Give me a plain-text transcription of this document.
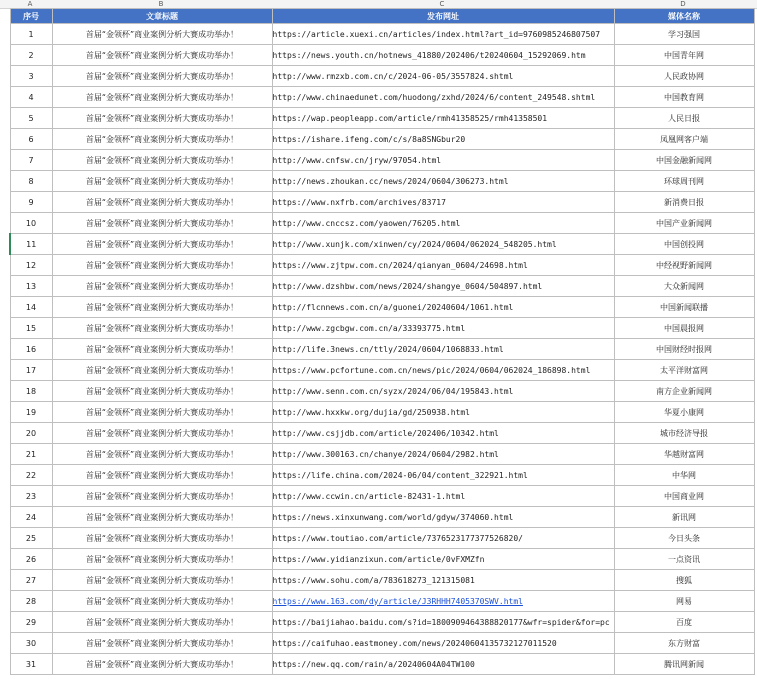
A	B	C	D
序号	文章标题	发布网址	媒体名称
1	首届“金领杯”商业案例分析大赛成功举办！	https://article.xuexi.cn/articles/index.html?art_id=9760985246807507	学习强国
2	首届“金领杯”商业案例分析大赛成功举办！	https://news.youth.cn/hotnews_41880/202406/t20240604_15292069.htm	中国青年网
3	首届“金领杯”商业案例分析大赛成功举办！	http://www.rmzxb.com.cn/c/2024-06-05/3557824.shtml	人民政协网
4	首届“金领杯”商业案例分析大赛成功举办！	http://www.chinaedunet.com/huodong/zxhd/2024/6/content_249548.shtml	中国教育网
5	首届“金领杯”商业案例分析大赛成功举办！	https://wap.peopleapp.com/article/rmh41358525/rmh41358501	人民日报
6	首届“金领杯”商业案例分析大赛成功举办！	https://ishare.ifeng.com/c/s/8a8SNGbur20	凤凰网客户端
7	首届“金领杯”商业案例分析大赛成功举办！	http://www.cnfsw.cn/jryw/97054.html	中国金融新闻网
8	首届“金领杯”商业案例分析大赛成功举办！	http://news.zhoukan.cc/news/2024/0604/306273.html	环球周刊网
9	首届“金领杯”商业案例分析大赛成功举办！	https://www.nxfrb.com/archives/83717	新消费日报
10	首届“金领杯”商业案例分析大赛成功举办！	http://www.cnccsz.com/yaowen/76205.html	中国产业新闻网
11	首届“金领杯”商业案例分析大赛成功举办！	http://www.xunjk.com/xinwen/cy/2024/0604/062024_548205.html	中国创投网
12	首届“金领杯”商业案例分析大赛成功举办！	https://www.zjtpw.com.cn/2024/qianyan_0604/24698.html	中经视野新闻网
13	首届“金领杯”商业案例分析大赛成功举办！	http://www.dzshbw.com/news/2024/shangye_0604/504897.html	大众新闻网
14	首届“金领杯”商业案例分析大赛成功举办！	http://flcnnews.com.cn/a/guonei/20240604/1061.html	中国新闻联播
15	首届“金领杯”商业案例分析大赛成功举办！	http://www.zgcbgw.com.cn/a/33393775.html	中国晨报网
16	首届“金领杯”商业案例分析大赛成功举办！	http://life.3news.cn/ttly/2024/0604/1068833.html	中国财经时报网
17	首届“金领杯”商业案例分析大赛成功举办！	https://www.pcfortune.com.cn/news/pic/2024/0604/062024_186898.html	太平洋财富网
18	首届“金领杯”商业案例分析大赛成功举办！	http://www.senn.com.cn/syzx/2024/06/04/195843.html	南方企业新闻网
19	首届“金领杯”商业案例分析大赛成功举办！	http://www.hxxkw.org/dujia/gd/250938.html	华夏小康网
20	首届“金领杯”商业案例分析大赛成功举办！	http://www.csjjdb.com/article/202406/10342.html	城市经济导报
21	首届“金领杯”商业案例分析大赛成功举办！	http://www.300163.cn/chanye/2024/0604/2982.html	华越财富网
22	首届“金领杯”商业案例分析大赛成功举办！	https://life.china.com/2024-06/04/content_322921.html	中华网
23	首届“金领杯”商业案例分析大赛成功举办！	http://www.ccwin.cn/article-82431-1.html	中国商业网
24	首届“金领杯”商业案例分析大赛成功举办！	https://news.xinxunwang.com/world/gdyw/374060.html	新讯网
25	首届“金领杯”商业案例分析大赛成功举办！	https://www.toutiao.com/article/7376523177377526820/	今日头条
26	首届“金领杯”商业案例分析大赛成功举办！	https://www.yidianzixun.com/article/0vFXMZfn	一点资讯
27	首届“金领杯”商业案例分析大赛成功举办！	https://www.sohu.com/a/783618273_121315081	搜狐
28	首届“金领杯”商业案例分析大赛成功举办！	https://www.163.com/dy/article/J3RHHH7405370SWV.html	网易
29	首届“金领杯”商业案例分析大赛成功举办！	https://baijiahao.baidu.com/s?id=1800909464388820177&wfr=spider&for=pc	百度
30	首届“金领杯”商业案例分析大赛成功举办！	https://caifuhao.eastmoney.com/news/20240604135732127011520	东方财富
31	首届“金领杯”商业案例分析大赛成功举办！	https://new.qq.com/rain/a/20240604A04TW100	腾讯网新闻
